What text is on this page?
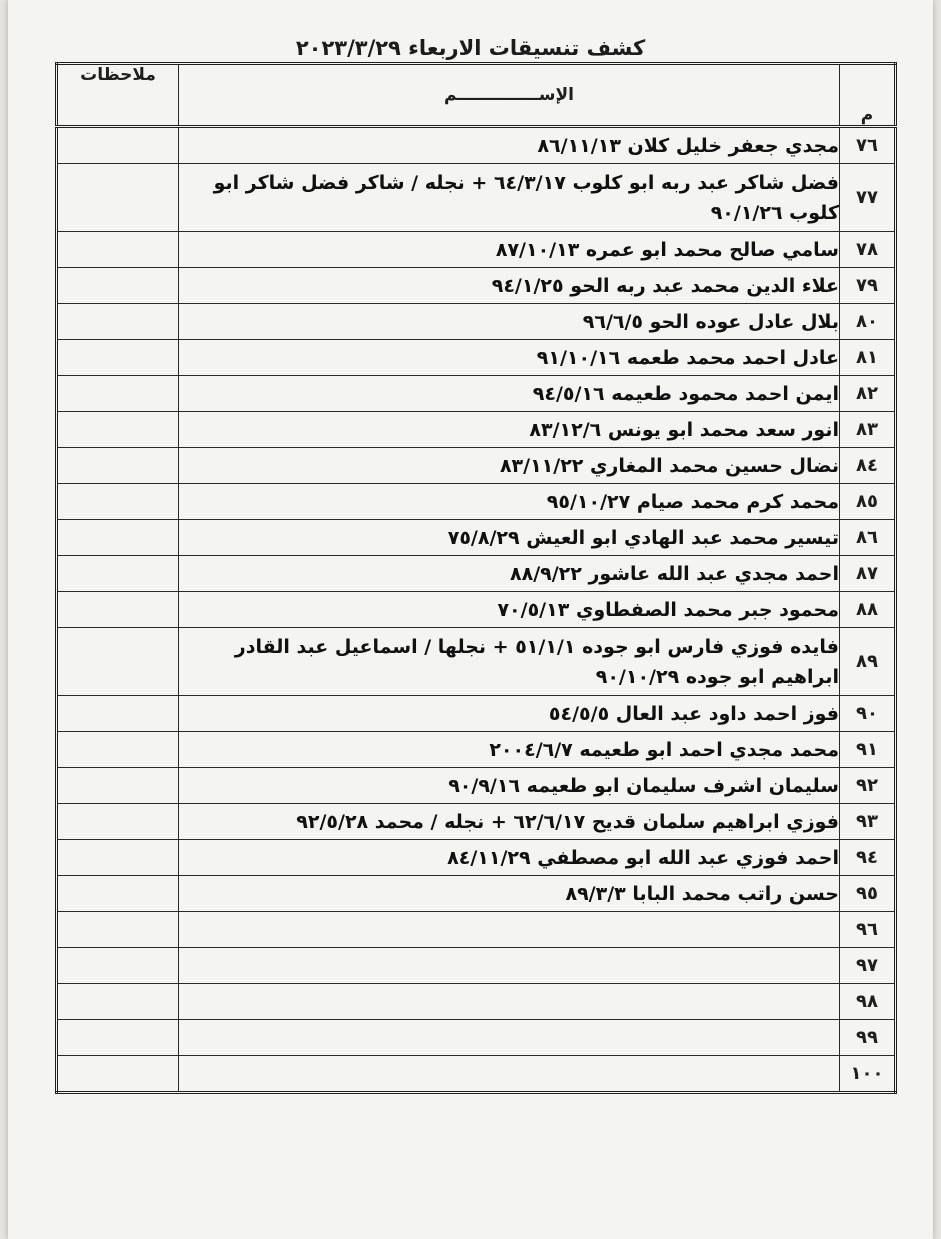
كشف تنسيقات الاربعاء ٢٠٢٣/٣/٢٩
م	الإســــــــــــــم	ملاحظات
٧٦	مجدي جعفر خليل كلان ٨٦/١١/١٣	
٧٧	فضل شاكر عبد ربه ابو كلوب ٦٤/٣/١٧ + نجله / شاكر فضل شاكر ابو كلوب ٩٠/١/٢٦	
٧٨	سامي صالح محمد ابو عمره ٨٧/١٠/١٣	
٧٩	علاء الدين محمد عبد ربه الحو ٩٤/١/٢٥	
٨٠	بلال عادل عوده الحو ٩٦/٦/٥	
٨١	عادل احمد محمد طعمه ٩١/١٠/١٦	
٨٢	ايمن احمد محمود طعيمه ٩٤/٥/١٦	
٨٣	انور سعد محمد ابو يونس ٨٣/١٢/٦	
٨٤	نضال حسين محمد المغاري ٨٣/١١/٢٢	
٨٥	محمد كرم محمد صيام ٩٥/١٠/٢٧	
٨٦	تيسير محمد عبد الهادي ابو العيش ٧٥/٨/٢٩	
٨٧	احمد مجدي عبد الله عاشور ٨٨/٩/٢٢	
٨٨	محمود جبر محمد الصفطاوي ٧٠/٥/١٣	
٨٩	فايده فوزي فارس ابو جوده ٥١/١/١ + نجلها / اسماعيل عبد القادر ابراهيم ابو جوده ٩٠/١٠/٢٩	
٩٠	فوز احمد داود عبد العال ٥٤/٥/٥	
٩١	محمد مجدي احمد ابو طعيمه ٢٠٠٤/٦/٧	
٩٢	سليمان اشرف سليمان ابو طعيمه ٩٠/٩/١٦	
٩٣	فوزي ابراهيم سلمان قديح ٦٢/٦/١٧ + نجله / محمد ٩٢/٥/٢٨	
٩٤	احمد فوزي عبد الله ابو مصطفي ٨٤/١١/٢٩	
٩٥	حسن راتب محمد البابا ٨٩/٣/٣	
٩٦		
٩٧		
٩٨		
٩٩		
١٠٠		
